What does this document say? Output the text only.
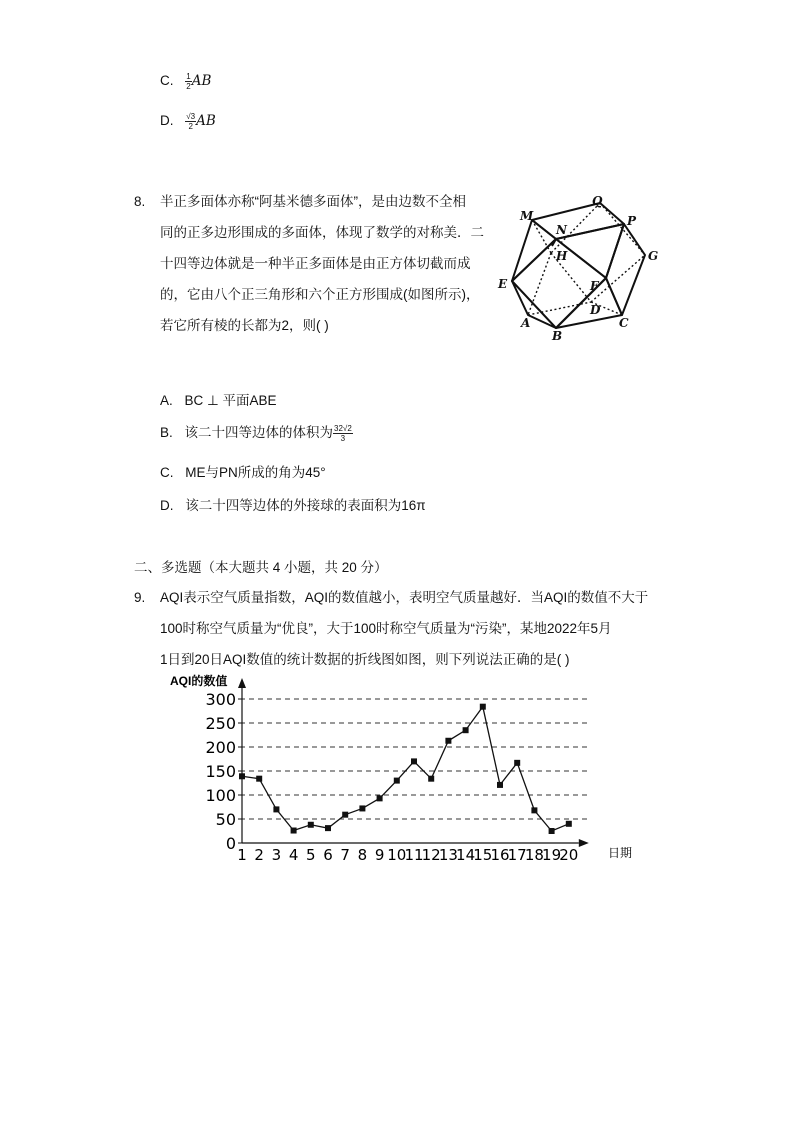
C. $\frac{1}{2}$ AB
D. $\frac{√3}{2}$ AB
8. 半正多面体亦称“阿基米德多面体”，是由边数不全相
同的正多边形围成的多面体，体现了数学的对称美．二
十四等边体就是一种半正多面体是由正方体切截而成
的，它由八个正三角形和六个正方形围成(如图所示)，
若它所有棱的长都为2，则( )
M
Q
P
N
H	G
E	F
D
A	C
B
A. BC ⊥ 平面ABE
B. 该二十四等边体的体积为 $\frac{32√2}{3}$
C. ME与PN所成的角为45°
D. 该二十四等边体的外接球的表面积为16π
二、多选题（本大题共 4 小题，共 20 分）
9. AQI表示空气质量指数，AQI的数值越小，表明空气质量越好．当AQI的数值不大于
100时称空气质量为“优良”，大于100时称空气质量为“污染”，某地2022年5月
1日到20日AQI数值的统计数据的折线图如图，则下列说法正确的是( )
AQI的数值
日期
0
50
100
150
200
250
300
1 2 3 4 5 6 7 8 9 10
11
12
13
14
15
16
17
18
19
20
